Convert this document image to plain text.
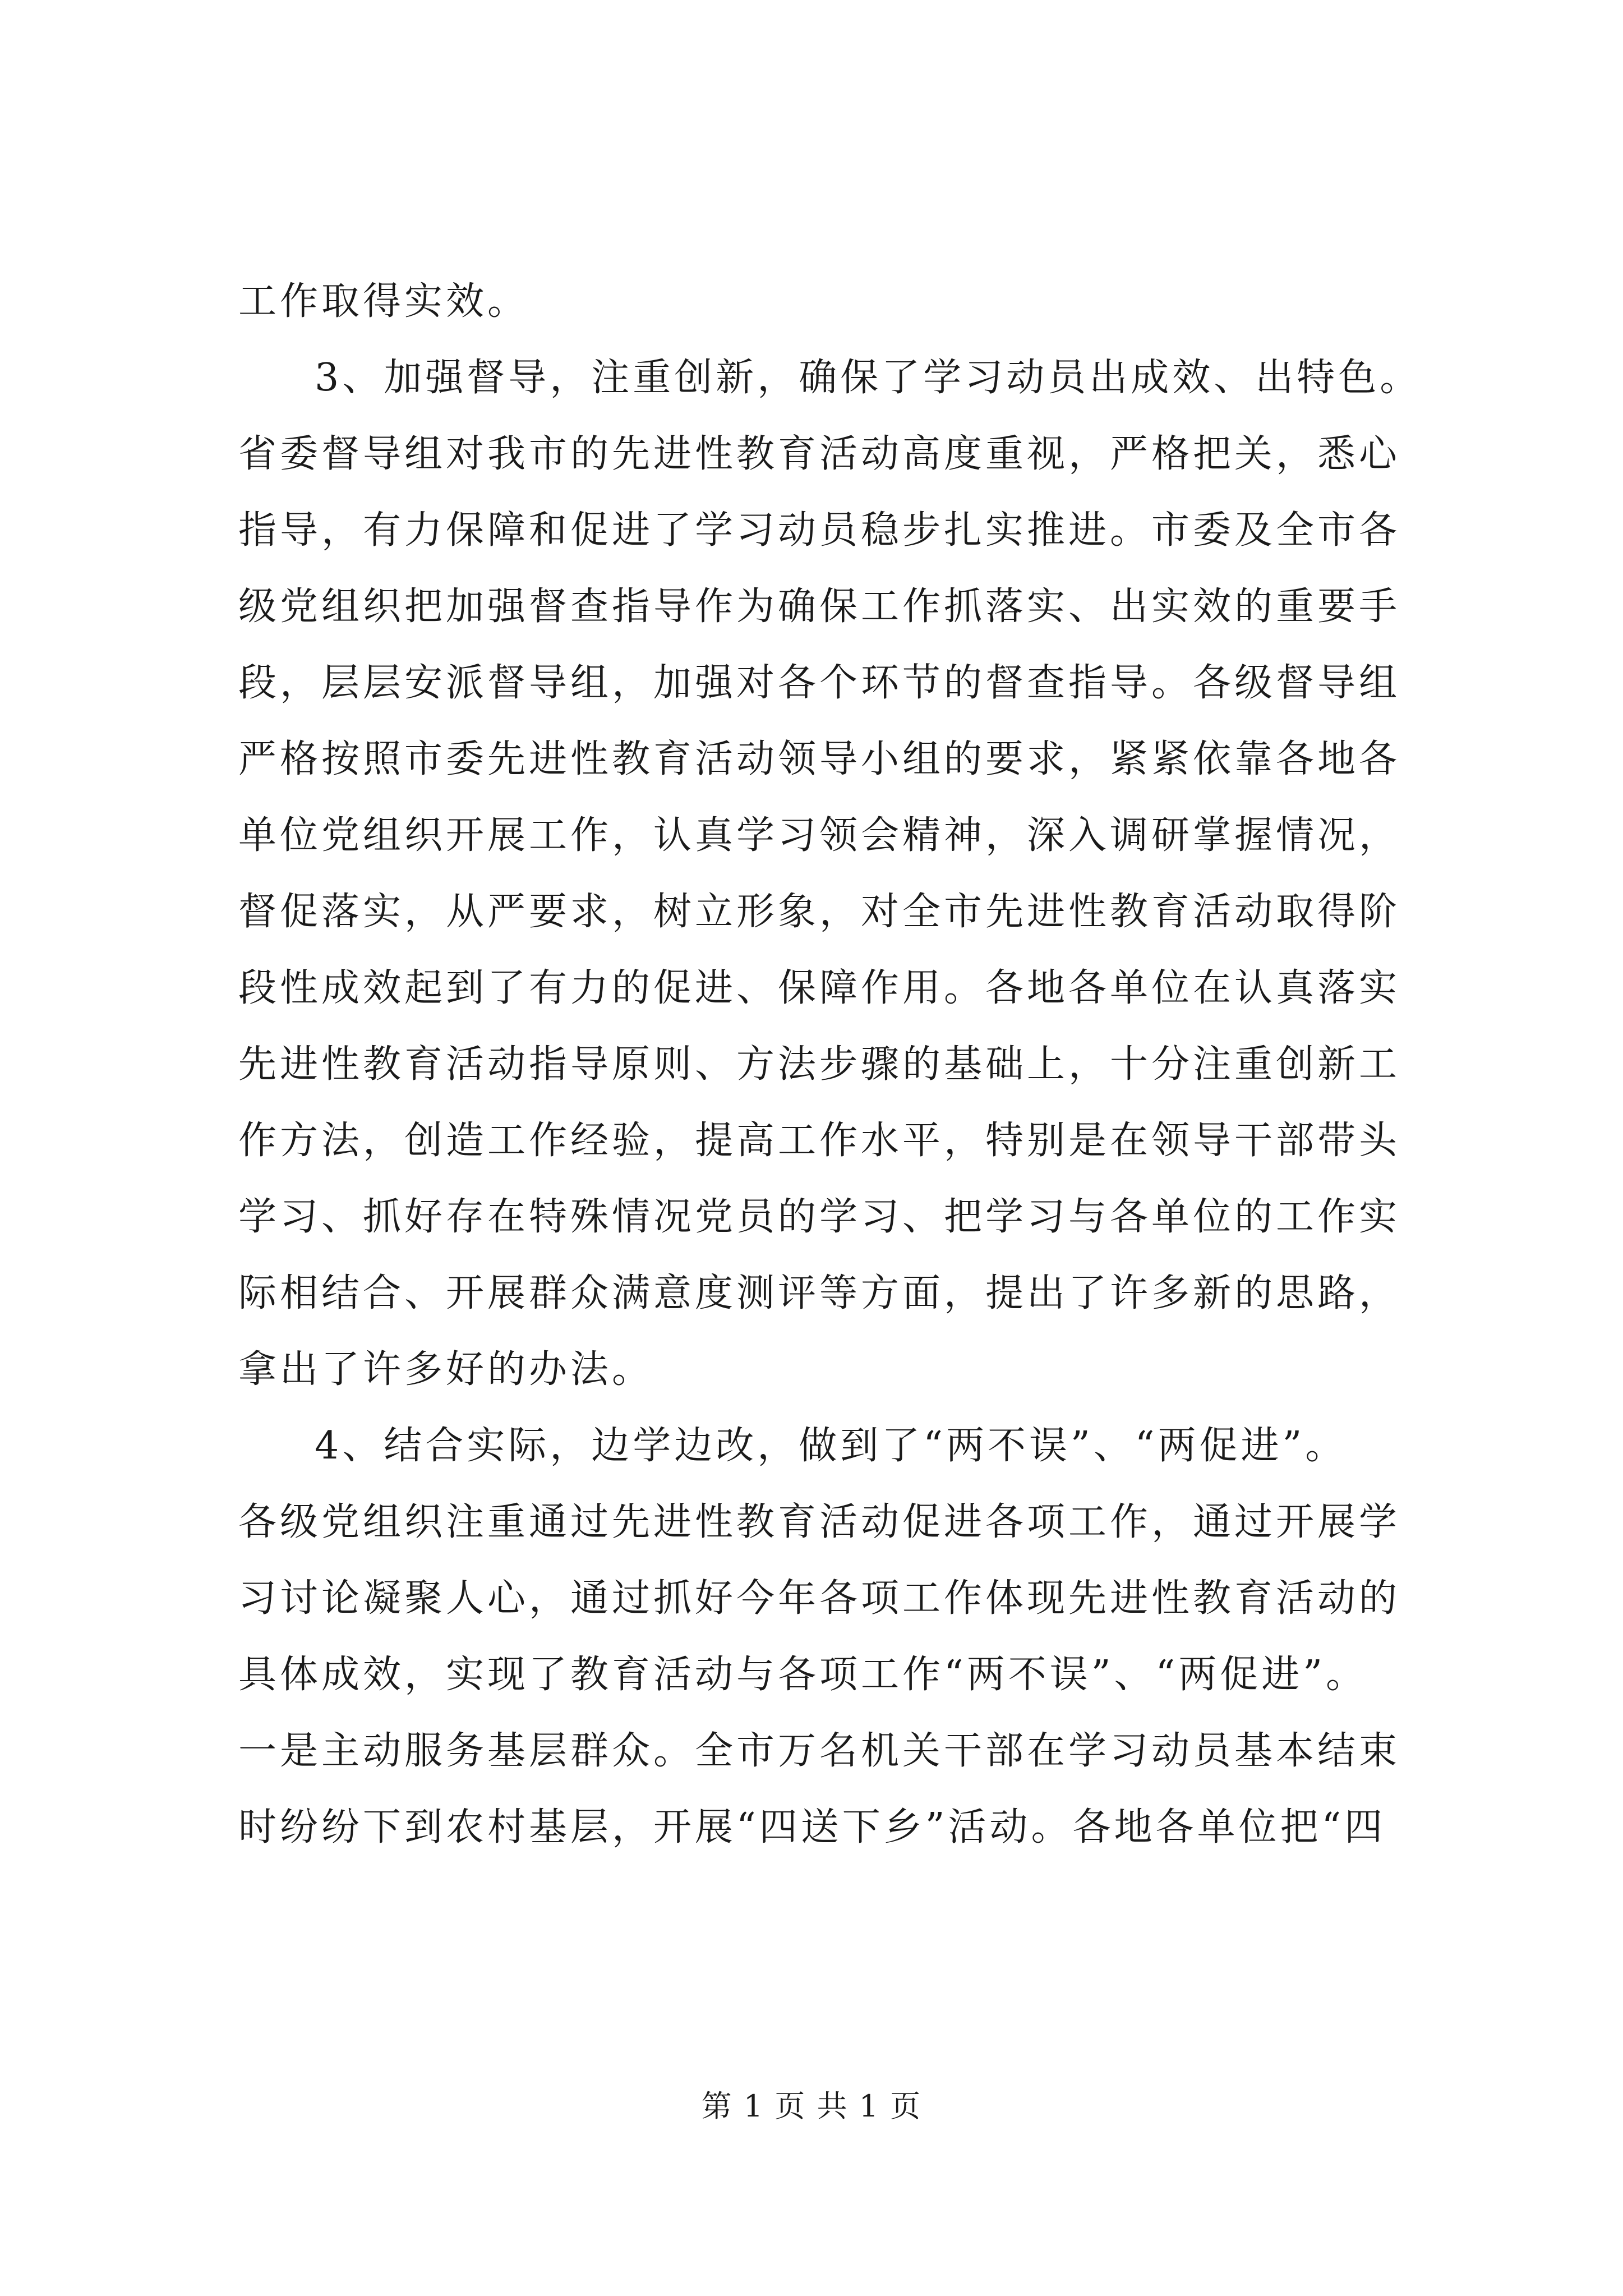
工作取得实效。
3、加强督导，注重创新，确保了学习动员出成效、出特色。
省委督导组对我市的先进性教育活动高度重视，严格把关，悉心
指导，有力保障和促进了学习动员稳步扎实推进。市委及全市各
级党组织把加强督查指导作为确保工作抓落实、出实效的重要手
段，层层安派督导组，加强对各个环节的督查指导。各级督导组
严格按照市委先进性教育活动领导小组的要求，紧紧依靠各地各
单位党组织开展工作，认真学习领会精神，深入调研掌握情况，
督促落实，从严要求，树立形象，对全市先进性教育活动取得阶
段性成效起到了有力的促进、保障作用。各地各单位在认真落实
先进性教育活动指导原则、方法步骤的基础上，十分注重创新工
作方法，创造工作经验，提高工作水平，特别是在领导干部带头
学习、抓好存在特殊情况党员的学习、把学习与各单位的工作实
际相结合、开展群众满意度测评等方面，提出了许多新的思路，
拿出了许多好的办法。
4、结合实际，边学边改，做到了“两不误”、“两促进”。
各级党组织注重通过先进性教育活动促进各项工作，通过开展学
习讨论凝聚人心，通过抓好今年各项工作体现先进性教育活动的
具体成效，实现了教育活动与各项工作“两不误”、“两促进”。
一是主动服务基层群众。全市万名机关干部在学习动员基本结束
时纷纷下到农村基层，开展“四送下乡”活动。各地各单位把“四
第 1 页 共 1 页
